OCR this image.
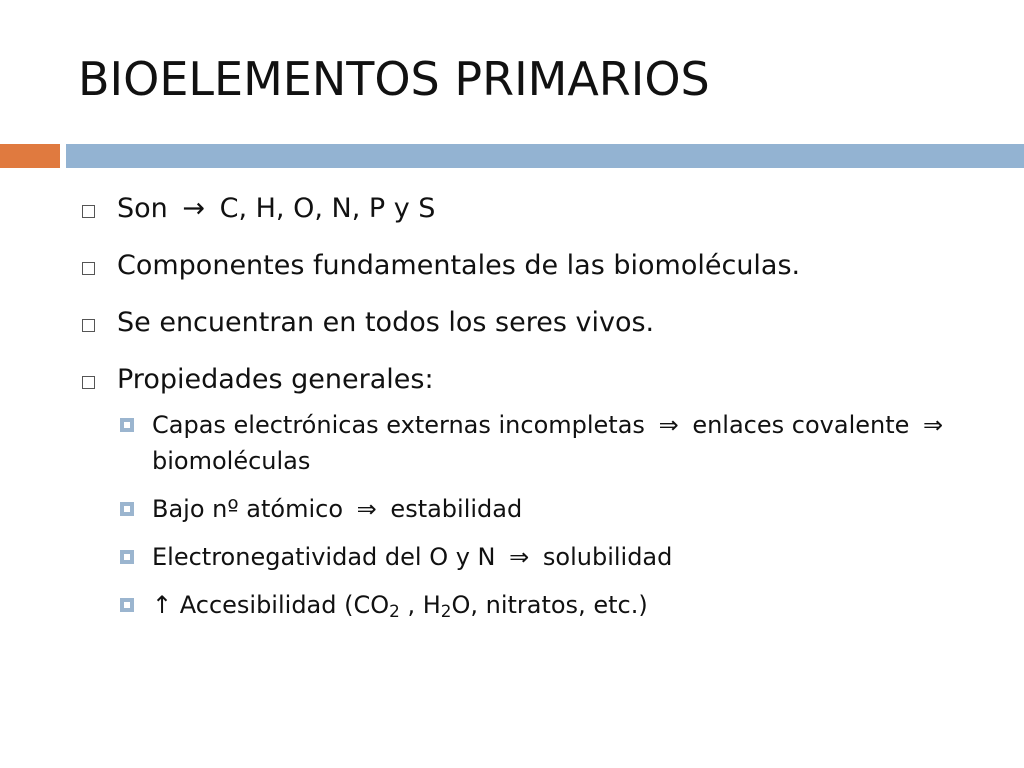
BIOELEMENTOS PRIMARIOS
Son → C, H, O, N, P y S
Componentes fundamentales de las biomoléculas.
Se encuentran en todos los seres vivos.
Propiedades generales:
Capas electrónicas externas incompletas ⇒ enlaces covalente ⇒ biomoléculas
Bajo nº atómico ⇒ estabilidad
Electronegatividad del O y N ⇒ solubilidad
↑ Accesibilidad ($CO_2$ , $H_2O$, nitratos, etc.)
